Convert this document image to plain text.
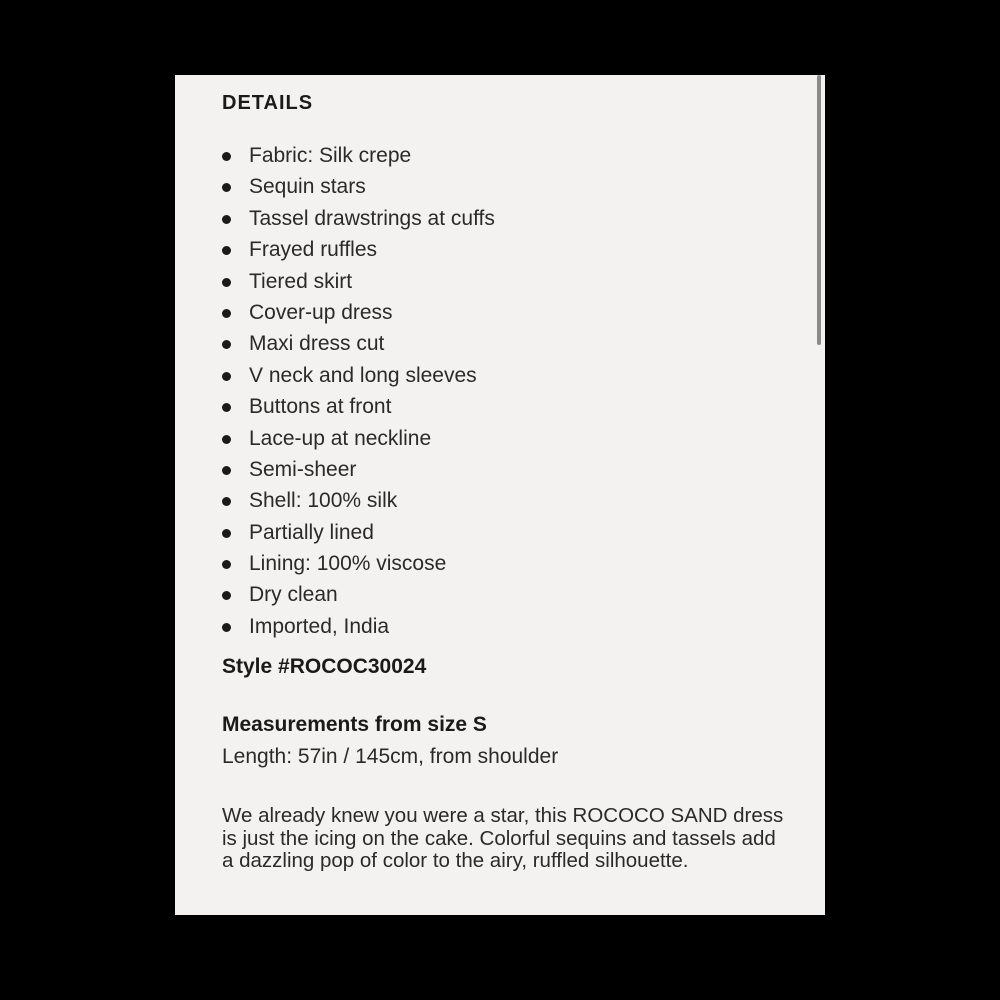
DETAILS
Fabric: Silk crepe
Sequin stars
Tassel drawstrings at cuffs
Frayed ruffles
Tiered skirt
Cover-up dress
Maxi dress cut
V neck and long sleeves
Buttons at front
Lace-up at neckline
Semi-sheer
Shell: 100% silk
Partially lined
Lining: 100% viscose
Dry clean
Imported, India
Style #ROCOC30024
Measurements from size S
Length: 57in / 145cm, from shoulder

We already knew you were a star, this ROCOCO SAND dress is just the icing on the cake. Colorful sequins and tassels add a dazzling pop of color to the airy, ruffled silhouette.
